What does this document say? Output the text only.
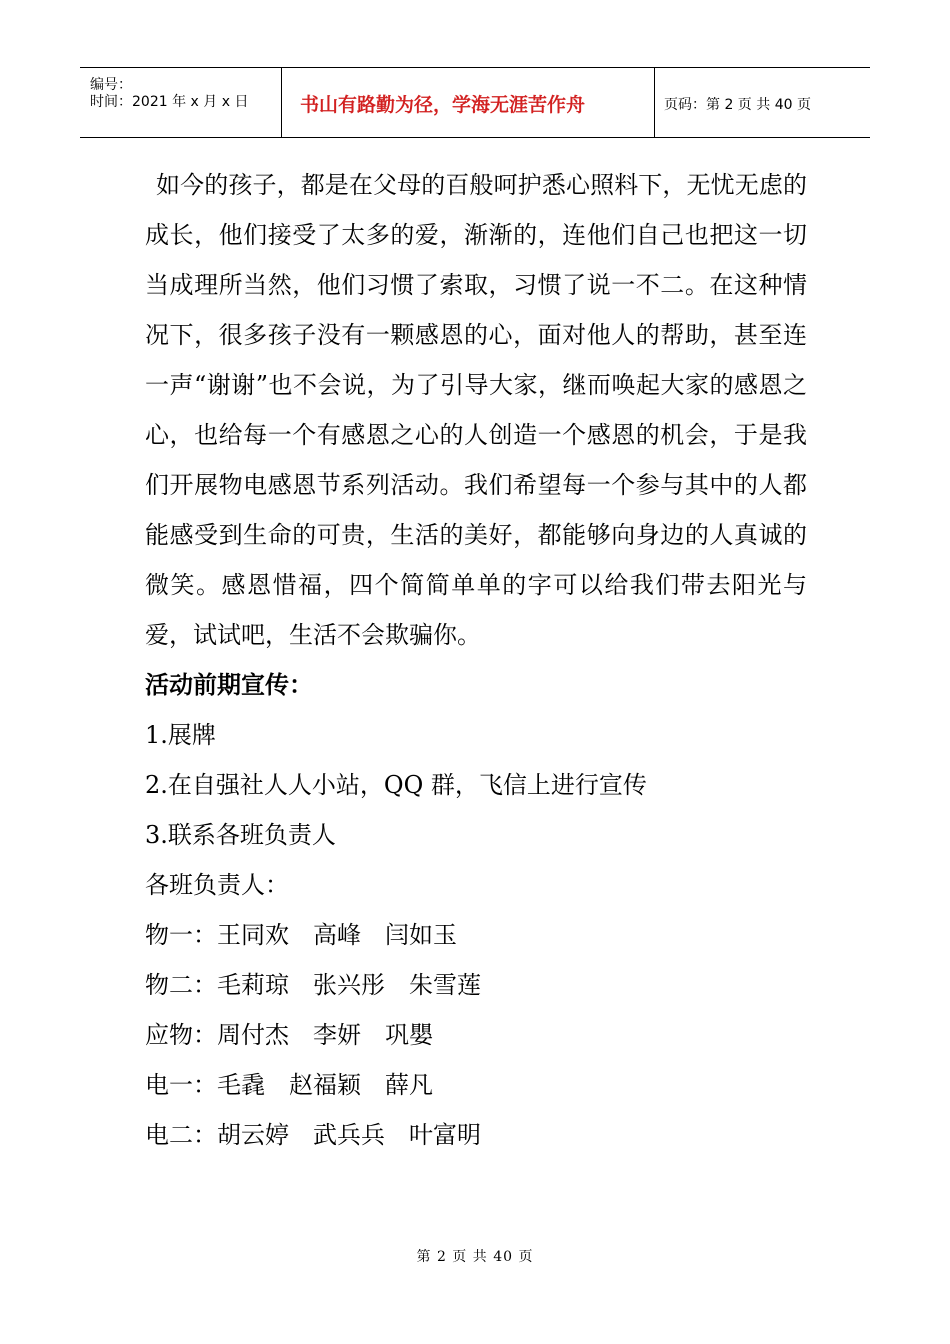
编号：
时间：2021 年 x 月 x 日	书山有路勤为径，学海无涯苦作舟	页码：第 2 页 共 40 页

如今的孩子，都是在父母的百般呵护悉心照料下，无忧无虑的成长，他们接受了太多的爱，渐渐的，连他们自己也把这一切当成理所当然，他们习惯了索取，习惯了说一不二。在这种情况下，很多孩子没有一颗感恩的心，面对他人的帮助，甚至连一声“谢谢”也不会说，为了引导大家，继而唤起大家的感恩之心，也给每一个有感恩之心的人创造一个感恩的机会，于是我们开展物电感恩节系列活动。我们希望每一个参与其中的人都能感受到生命的可贵，生活的美好，都能够向身边的人真诚的微笑。感恩惜福，四个简简单单的字可以给我们带去阳光与爱，试试吧，生活不会欺骗你。

活动前期宣传：

1.展牌

2.在自强社人人小站，QQ 群，飞信上进行宣传

3.联系各班负责人

各班负责人：

物一：王同欢　高峰　闫如玉

物二：毛莉琼　张兴彤　朱雪莲

应物：周付杰　李妍　巩嬰

电一：毛毳　赵福颖　薛凡

电二：胡云婷　武兵兵　叶富明

第 2 页 共 40 页
